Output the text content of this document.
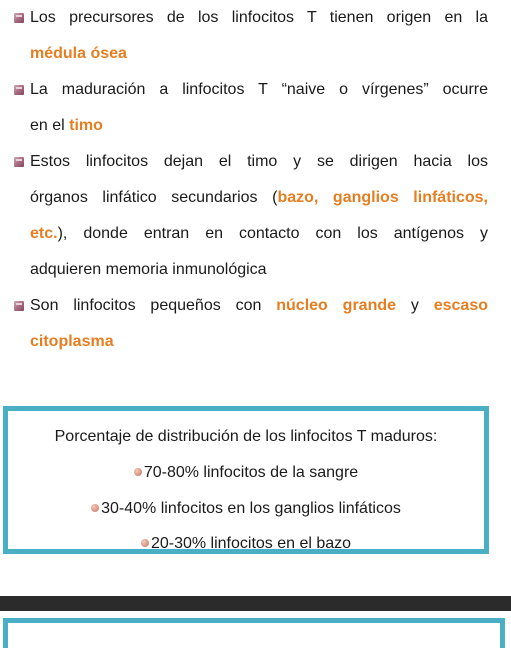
Los precursores de los linfocitos T tienen origen en la
médula ósea
La maduración a linfocitos T “naive o vírgenes” ocurre
en el timo
Estos linfocitos dejan el timo y se dirigen hacia los
órganos linfático secundarios (bazo, ganglios linfáticos,
etc.), donde entran en contacto con los antígenos y
adquieren memoria inmunológica
Son linfocitos pequeños con núcleo grande y escaso
citoplasma
Porcentaje de distribución de los linfocitos T maduros:
70-80% linfocitos de la sangre
30-40% linfocitos en los ganglios linfáticos
20-30% linfocitos en el bazo
